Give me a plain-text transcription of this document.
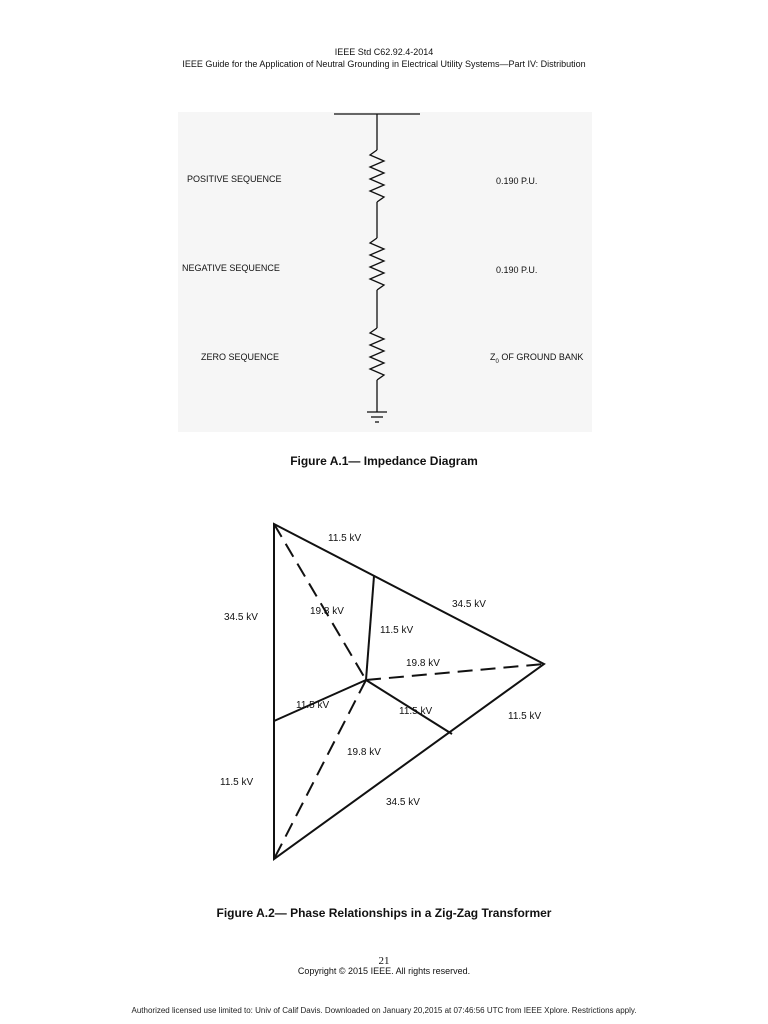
IEEE Std C62.92.4-2014
IEEE Guide for the Application of Neutral Grounding in Electrical Utility Systems—Part IV: Distribution
POSITIVE SEQUENCE	0.190 P.U.
NEGATIVE SEQUENCE	0.190 P.U.
ZERO SEQUENCE	$Z_0$ OF GROUND BANK
Figure A.1— Impedance Diagram
11.5 kV
34.5 kV
34.5 kV
19.8 kV
11.5 kV
19.8 kV
11.5 kV
11.5 kV	11.5 kV
19.8 kV
11.5 kV
34.5 kV
Figure A.2— Phase Relationships in a Zig-Zag Transformer
21
Copyright © 2015 IEEE. All rights reserved.
Authorized licensed use limited to: Univ of Calif Davis. Downloaded on January 20,2015 at 07:46:56 UTC from IEEE Xplore. Restrictions apply.
